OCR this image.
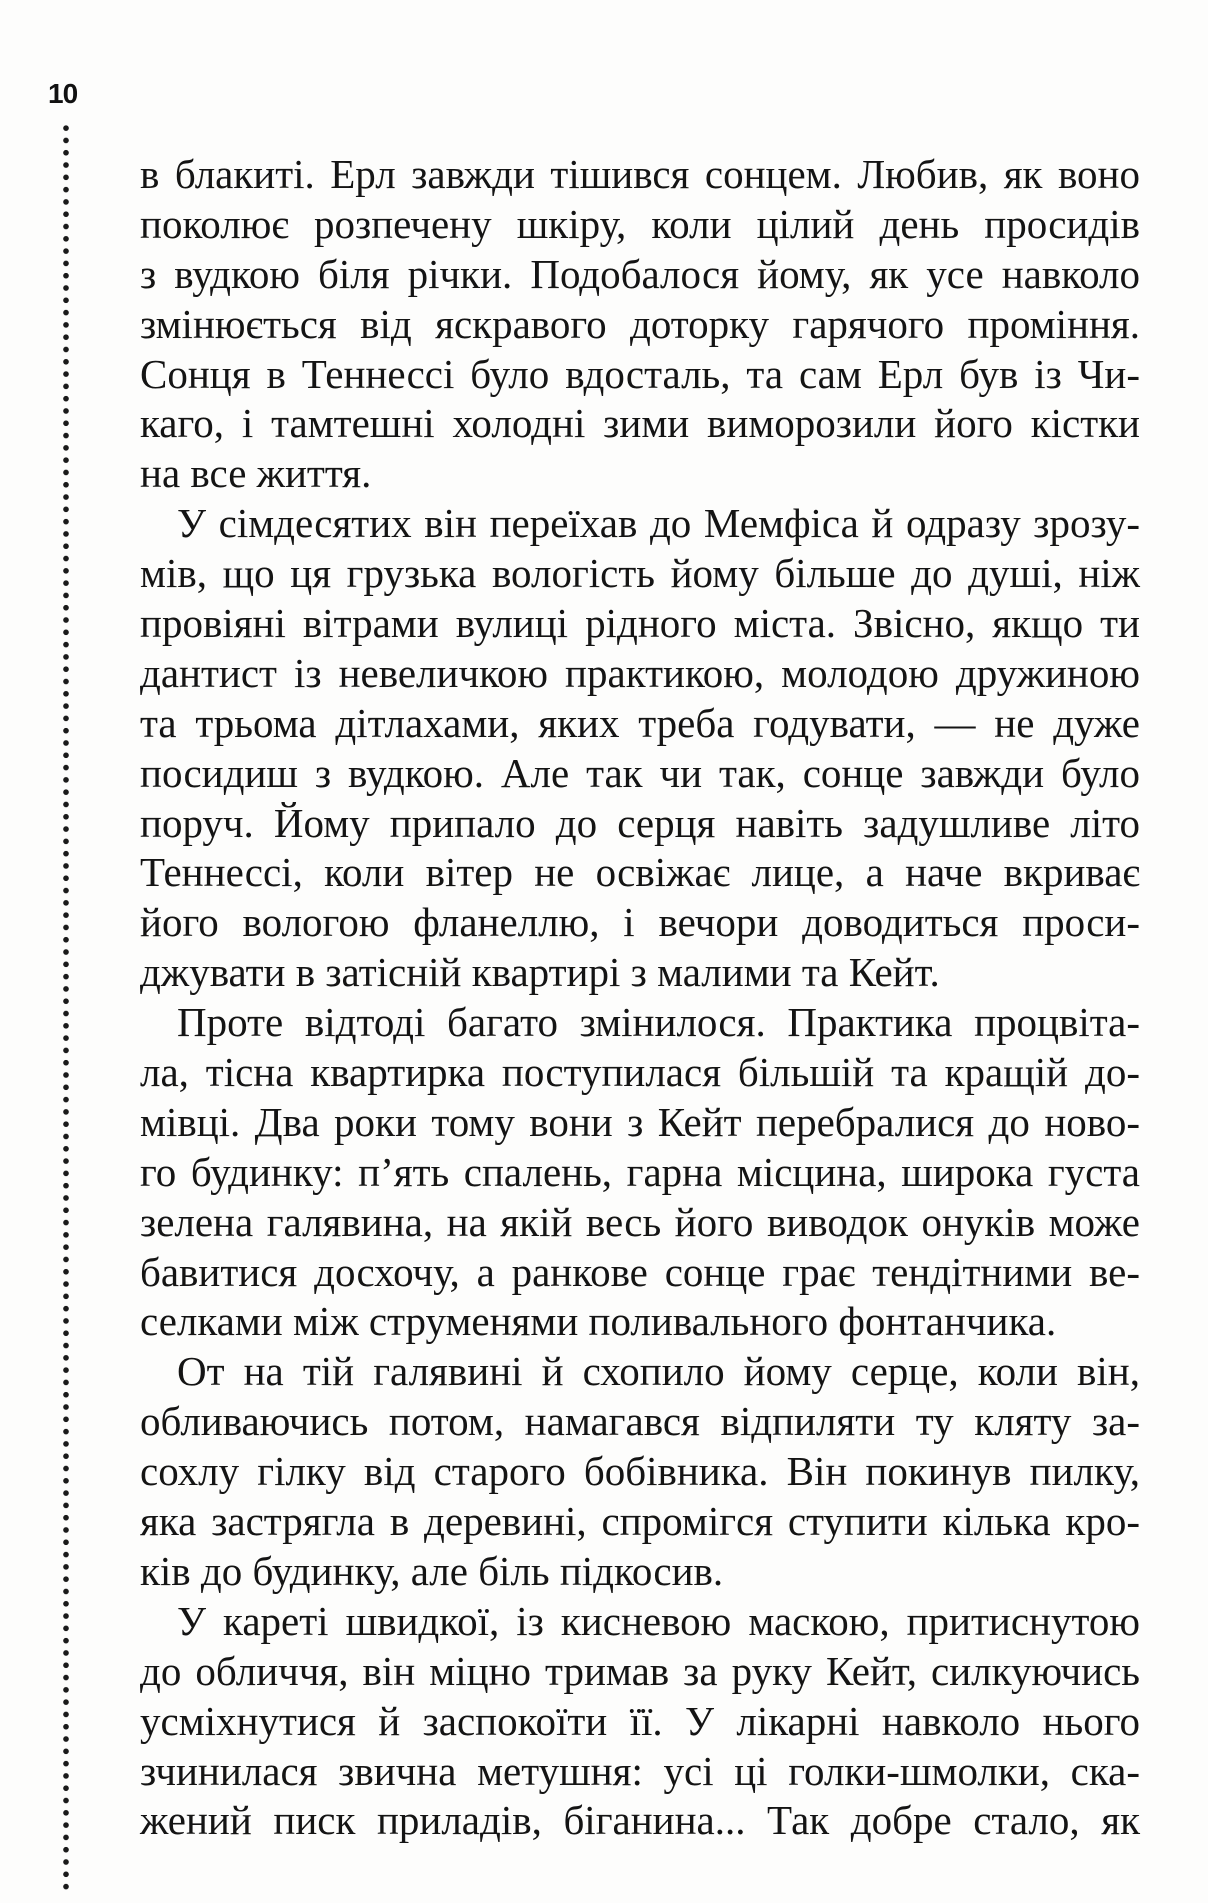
10
в блакиті. Ерл завжди тішився сонцем. Любив, як воно
поколює розпечену шкіру, коли цілий день просидів
з вудкою біля річки. Подобалося йому, як усе навколо
змінюється від яскравого доторку гарячого проміння.
Сонця в Теннессі було вдосталь, та сам Ерл був із Чи-
каго, і тамтешні холодні зими виморозили його кістки
на все життя.
У сімдесятих він переїхав до Мемфіса й одразу зрозу-
мів, що ця грузька вологість йому більше до душі, ніж
провіяні вітрами вулиці рідного міста. Звісно, якщо ти
дантист із невеличкою практикою, молодою дружиною
та трьома дітлахами, яких треба годувати, — не дуже
посидиш з вудкою. Але так чи так, сонце завжди було
поруч. Йому припало до серця навіть задушливе літо
Теннессі, коли вітер не освіжає лице, а наче вкриває
його вологою фланеллю, і вечори доводиться проси-
джувати в затісній квартирі з малими та Кейт.
Проте відтоді багато змінилося. Практика процвіта-
ла, тісна квартирка поступилася більшій та кращій до-
мівці. Два роки тому вони з Кейт перебралися до ново-
го будинку: п’ять спалень, гарна місцина, широка густа
зелена галявина, на якій весь його виводок онуків може
бавитися досхочу, а ранкове сонце грає тендітними ве-
селками між струменями поливального фонтанчика.
От на тій галявині й схопило йому серце, коли він,
обливаючись потом, намагався відпиляти ту кляту за-
сохлу гілку від старого бобівника. Він покинув пилку,
яка застрягла в деревині, спромігся ступити кілька кро-
ків до будинку, але біль підкосив.
У кареті швидкої, із кисневою маскою, притиснутою
до обличчя, він міцно тримав за руку Кейт, силкуючись
усміхнутися й заспокоїти її. У лікарні навколо нього
зчинилася звична метушня: усі ці голки-шмолки, ска-
жений писк приладів, біганина... Так добре стало, як
